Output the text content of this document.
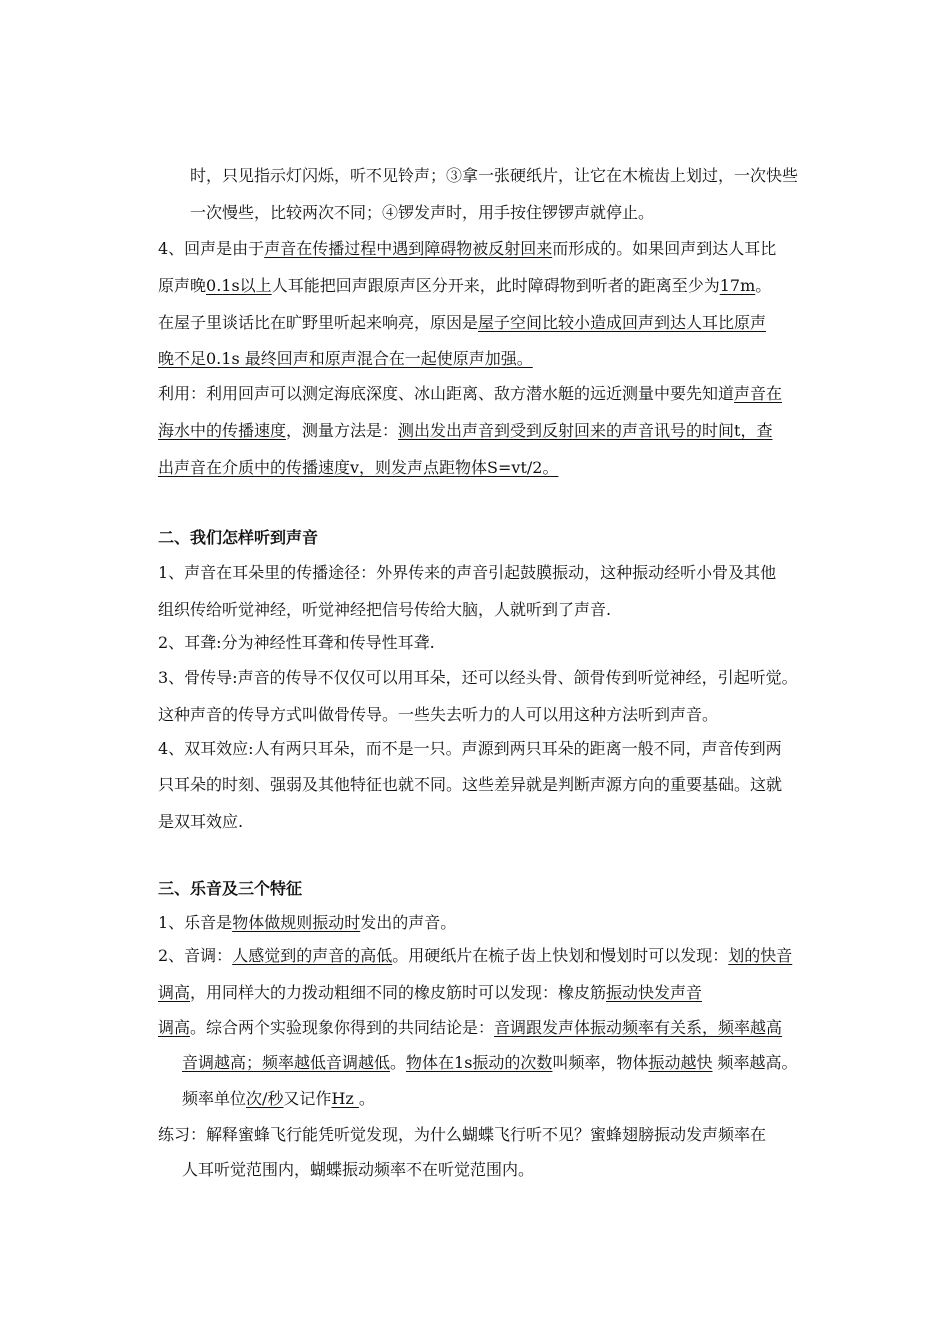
时，只见指示灯闪烁，听不见铃声；③拿一张硬纸片，让它在木梳齿上划过，一次快些
一次慢些，比较两次不同；④锣发声时，用手按住锣锣声就停止。
4、回声是由于声音在传播过程中遇到障碍物被反射回来而形成的。如果回声到达人耳比
原声晚0.1s以上人耳能把回声跟原声区分开来，此时障碍物到听者的距离至少为17m。
在屋子里谈话比在旷野里听起来响亮，原因是屋子空间比较小造成回声到达人耳比原声
晚不足0.1s 最终回声和原声混合在一起使原声加强。
利用：利用回声可以测定海底深度、冰山距离、敌方潜水艇的远近测量中要先知道声音在
海水中的传播速度，测量方法是：测出发出声音到受到反射回来的声音讯号的时间t，查
出声音在介质中的传播速度v，则发声点距物体S=vt/2。
二、我们怎样听到声音
1、声音在耳朵里的传播途径：外界传来的声音引起鼓膜振动，这种振动经听小骨及其他
组织传给听觉神经，听觉神经把信号传给大脑，人就听到了声音.
2、耳聋:分为神经性耳聋和传导性耳聋.
3、骨传导:声音的传导不仅仅可以用耳朵，还可以经头骨、颌骨传到听觉神经，引起听觉。
这种声音的传导方式叫做骨传导。一些失去听力的人可以用这种方法听到声音。
4、双耳效应:人有两只耳朵，而不是一只。声源到两只耳朵的距离一般不同，声音传到两
只耳朵的时刻、强弱及其他特征也就不同。这些差异就是判断声源方向的重要基础。这就
是双耳效应.
三、乐音及三个特征
1、乐音是物体做规则振动时发出的声音。
2、音调：人感觉到的声音的高低。用硬纸片在梳子齿上快划和慢划时可以发现：划的快音
调高，用同样大的力拨动粗细不同的橡皮筋时可以发现：橡皮筋振动快发声音
调高。综合两个实验现象你得到的共同结论是：音调跟发声体振动频率有关系，频率越高
音调越高；频率越低音调越低。物体在1s振动的次数叫频率，物体振动越快 频率越高。
频率单位次/秒又记作Hz 。
练习：解释蜜蜂飞行能凭听觉发现，为什么蝴蝶飞行听不见？蜜蜂翅膀振动发声频率在
人耳听觉范围内，蝴蝶振动频率不在听觉范围内。
